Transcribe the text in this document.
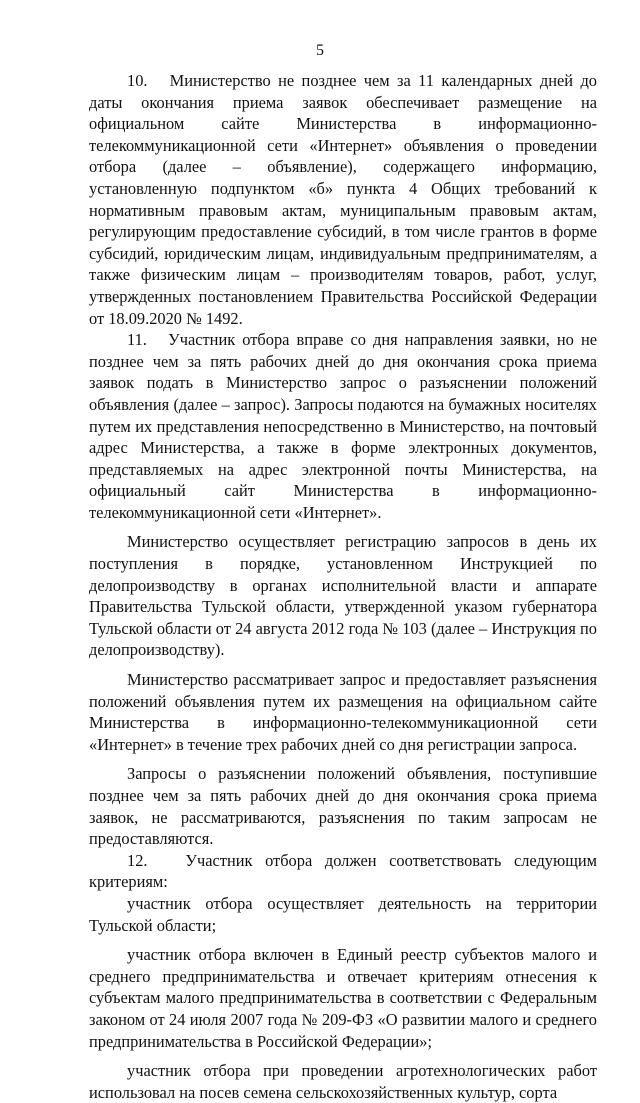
5

10.   Министерство не позднее чем за 11 календарных дней до даты окончания приема заявок обеспечивает размещение на официальном сайте Министерства в информационно-телекоммуникационной сети «Интернет» объявления о проведении отбора (далее – объявление), содержащего информацию, установленную подпунктом «б» пункта 4 Общих требований к нормативным правовым актам, муниципальным правовым актам, регулирующим предоставление субсидий, в том числе грантов в форме субсидий, юридическим лицам, индивидуальным предпринимателям, а также физическим лицам – производителям товаров, работ, услуг, утвержденных постановлением Правительства Российской Федерации от 18.09.2020 № 1492.

11.   Участник отбора вправе со дня направления заявки, но не позднее чем за пять рабочих дней до дня окончания срока приема заявок подать в Министерство запрос о разъяснении положений объявления (далее – запрос). Запросы подаются на бумажных носителях путем их представления непосредственно в Министерство, на почтовый адрес Министерства, а также в форме электронных документов, представляемых на адрес электронной почты Министерства, на официальный сайт Министерства в информационно-телекоммуникационной сети «Интернет».

Министерство осуществляет регистрацию запросов в день их поступления в порядке, установленном Инструкцией по делопроизводству в органах исполнительной власти и аппарате Правительства Тульской области, утвержденной указом губернатора Тульской области от 24 августа 2012 года № 103 (далее – Инструкция по делопроизводству).

Министерство рассматривает запрос и предоставляет разъяснения положений объявления путем их размещения на официальном сайте Министерства в информационно-телекоммуникационной сети «Интернет» в течение трех рабочих дней со дня регистрации запроса.

Запросы о разъяснении положений объявления, поступившие позднее чем за пять рабочих дней до дня окончания срока приема заявок, не рассматриваются, разъяснения по таким запросам не предоставляются.

12.   Участник отбора должен соответствовать следующим критериям:

участник отбора осуществляет деятельность на территории Тульской области;

участник отбора включен в Единый реестр субъектов малого и среднего предпринимательства и отвечает критериям отнесения к субъектам малого предпринимательства в соответствии с Федеральным законом от 24 июля 2007 года № 209-ФЗ «О развитии малого и среднего предпринимательства в Российской Федерации»;

участник отбора при проведении агротехнологических работ использовал на посев семена сельскохозяйственных культур, сорта
